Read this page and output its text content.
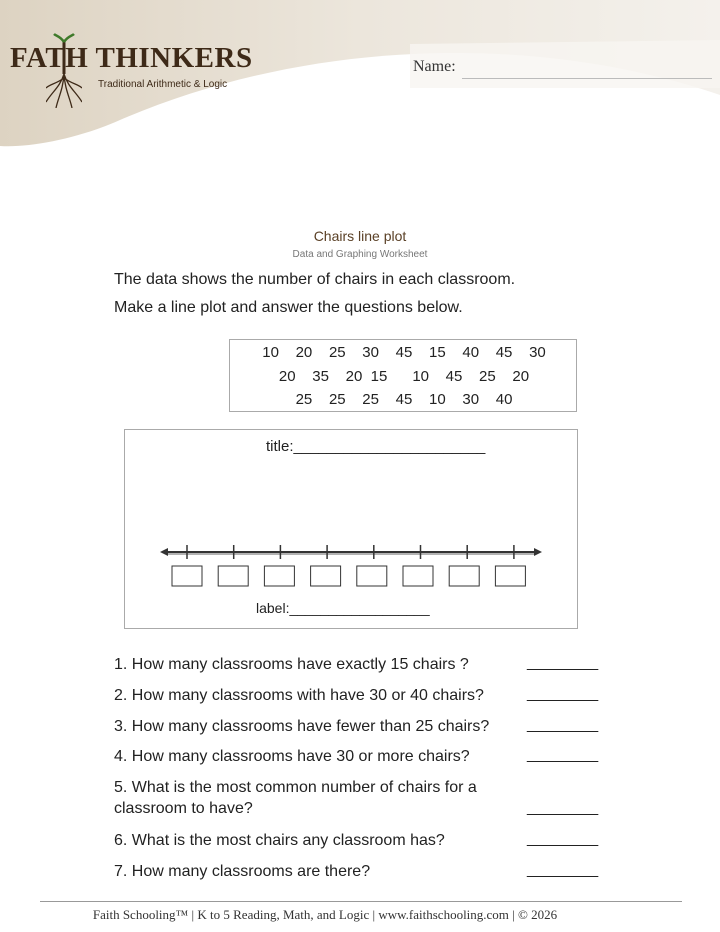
FATH THINKERS
Traditional Arithmetic & Logic
Name:
Chairs line plot
Data and Graphing Worksheet
The data shows the number of chairs in each classroom.
Make a line plot and answer the questions below.
10    20    25    30    45    15    40    45    30
20    35    20  15      10    45    25    20
25    25    25    45    10    30    40
title:_______________________
label:__________________
1. How many classrooms have exactly 15 chairs ?	________
2. How many classrooms with have 30 or 40 chairs?	________
3. How many classrooms have fewer than 25 chairs? ________
4. How many classrooms have 30 or more chairs?	________
5. What is the most common number of chairs for a
classroom to have?	________
6. What is the most chairs any classroom has?	________
7. How many classrooms are there?	________
Faith Schooling™ | K to 5 Reading, Math, and Logic | www.faithschooling.com | © 2026
